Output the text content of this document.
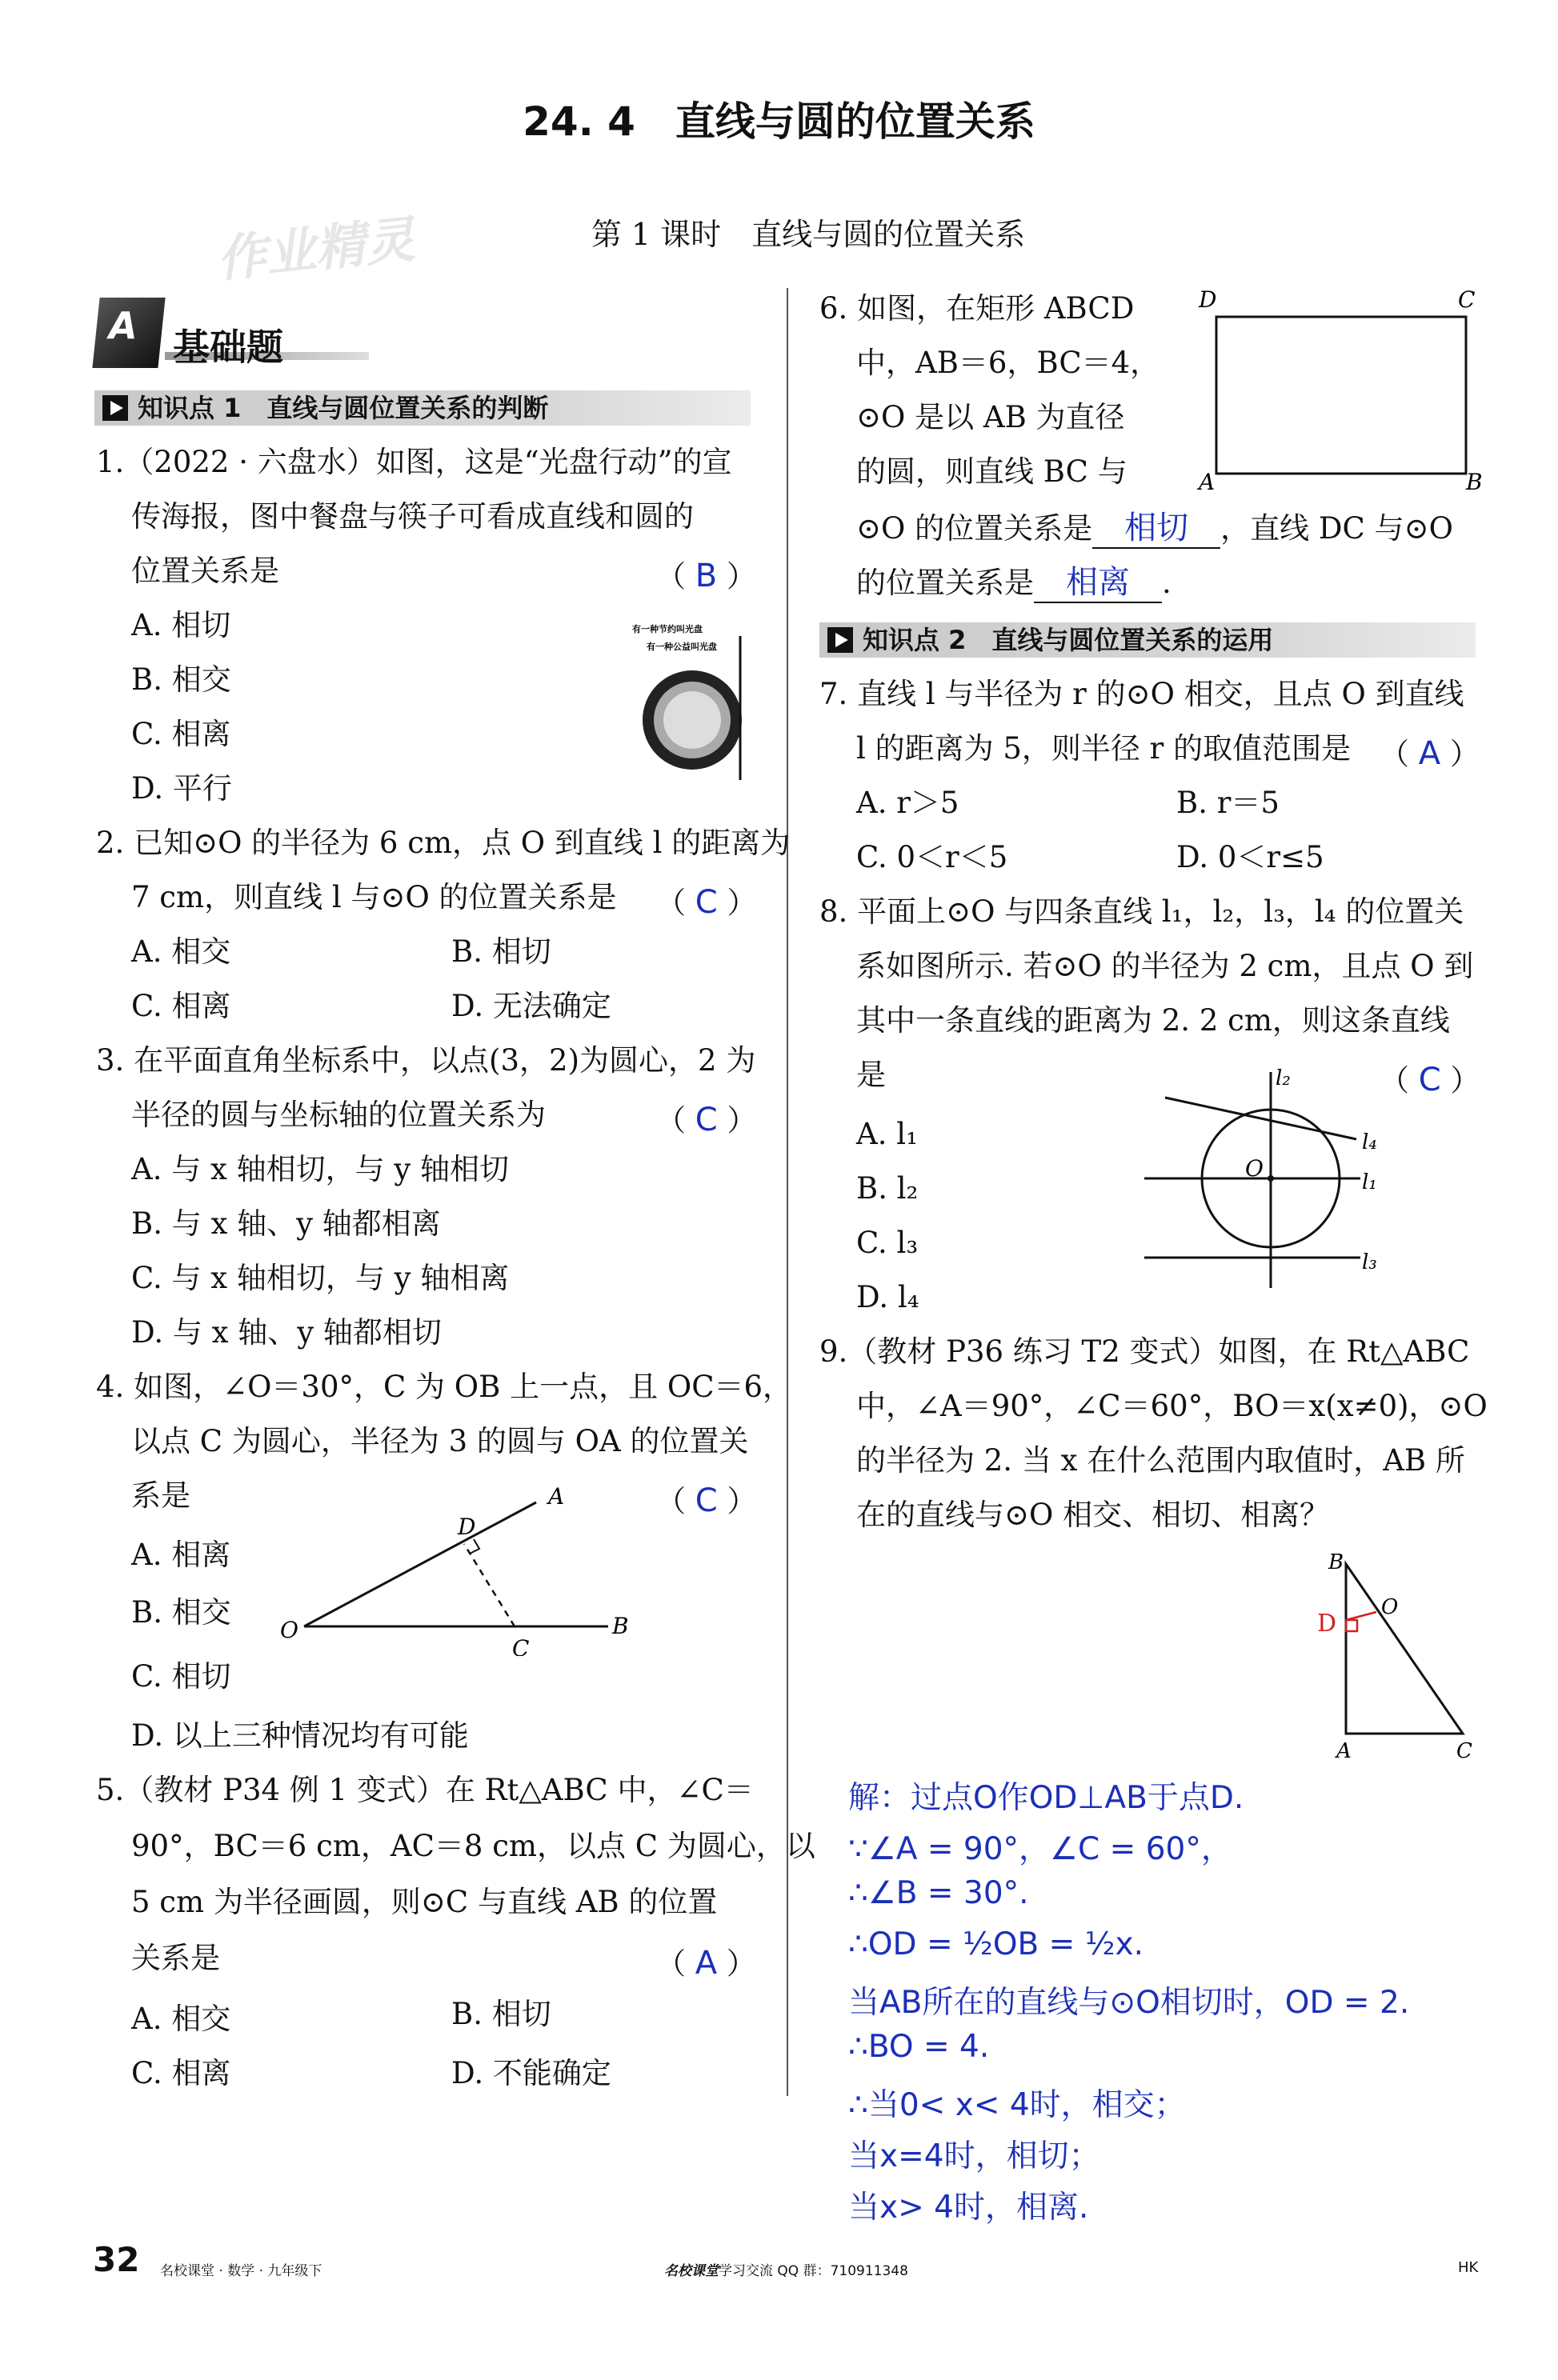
24. 4　直线与圆的位置关系
作业精灵	第 1 课时　直线与圆的位置关系
A 基础题
知识点 1　直线与圆位置关系的判断
1.（2022 · 六盘水）如图，这是“光盘行动”的宣
传海报，图中餐盘与筷子可看成直线和圆的
位置关系是	（ B ）
A. 相切
B. 相交
C. 相离
D. 平行
有一种节约叫光盘
有一种公益叫光盘
2. 已知⊙O 的半径为 6 cm，点 O 到直线 l 的距离为
7 cm，则直线 l 与⊙O 的位置关系是 （ C ）
A. 相交	B. 相切
C. 相离	D. 无法确定
3. 在平面直角坐标系中，以点(3，2)为圆心，2 为
半径的圆与坐标轴的位置关系为	（ C ）
A. 与 x 轴相切，与 y 轴相切
B. 与 x 轴、y 轴都相离
C. 与 x 轴相切，与 y 轴相离
D. 与 x 轴、y 轴都相切
4. 如图，∠O＝30°，C 为 OB 上一点，且 OC＝6，
以点 C 为圆心，半径为 3 的圆与 OA 的位置关
系是	（ C ）
A. 相离
B. 相交
C. 相切
D. 以上三种情况均有可能
O
A
B
C
D
5.（教材 P34 例 1 变式）在 Rt△ABC 中，∠C＝
90°，BC＝6 cm，AC＝8 cm，以点 C 为圆心，以
5 cm 为半径画圆，则⊙C 与直线 AB 的位置
关系是	（ A ）
A. 相交	B. 相切
C. 相离	D. 不能确定
6. 如图，在矩形 ABCD
中，AB＝6，BC＝4，
⊙O 是以 AB 为直径
的圆，则直线 BC 与
⊙O 的位置关系是 相切 ，直线 DC 与⊙O
的位置关系是 相离 .
D	C
A	B
知识点 2　直线与圆位置关系的运用
7. 直线 l 与半径为 r 的⊙O 相交，且点 O 到直线
l 的距离为 5，则半径 r 的取值范围是 （ A ）
A. r＞5	B. r＝5
C. 0＜r＜5	D. 0＜r≤5
8. 平面上⊙O 与四条直线 l₁，l₂，l₃，l₄ 的位置关
系如图所示. 若⊙O 的半径为 2 cm，且点 O 到
其中一条直线的距离为 2. 2 cm，则这条直线
是	（ C ）
A. l₁
B. l₂
C. l₃
D. l₄
O
l₁
l₂
l₃
l₄
9.（教材 P36 练习 T2 变式）如图，在 Rt△ABC
中，∠A＝90°，∠C＝60°，BO＝x(x≠0)，⊙O
的半径为 2. 当 x 在什么范围内取值时，AB 所
在的直线与⊙O 相交、相切、相离？
D
B
O
A	C
解：过点O作OD⊥AB于点D.
∵∠A = 90°，∠C = 60°，
∴∠B = 30°.
∴OD = ½OB = ½x.
当AB所在的直线与⊙O相切时，OD = 2.
∴BO = 4.
∴当0< x< 4时，相交；
当x=4时，相切；
当x> 4时，相离.
32 名校课堂 · 数学 · 九年级下	名校课堂学习交流 QQ 群：710911348	HK
